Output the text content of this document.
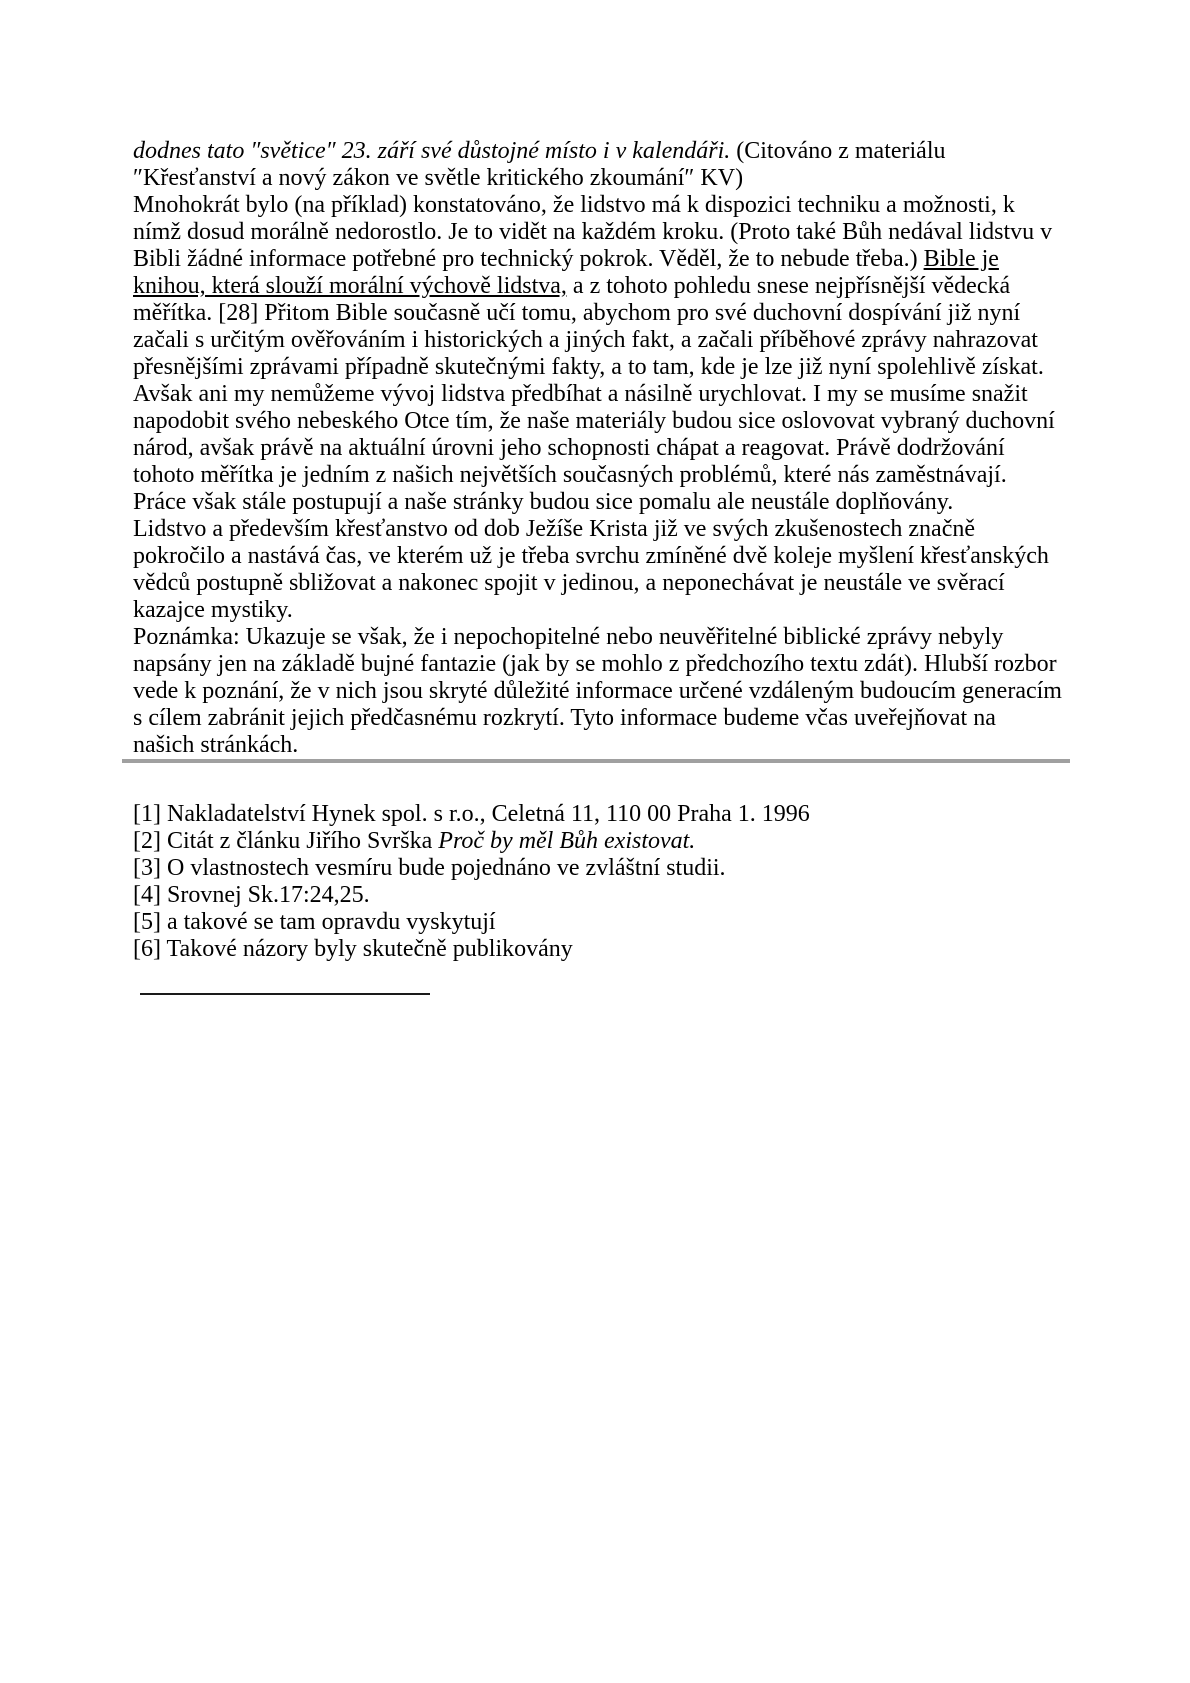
dodnes tato ″světice″ 23. září své důstojné místo i v kalendáři. (Citováno z materiálu ″Křesťanství a nový zákon ve světle kritického zkoumání″ KV)

Mnohokrát bylo (na příklad) konstatováno, že lidstvo má k dispozici techniku a možnosti, k nímž dosud morálně nedorostlo. Je to vidět na každém kroku. (Proto také Bůh nedával lidstvu v Bibli žádné informace potřebné pro technický pokrok. Věděl, že to nebude třeba.) Bible je knihou, která slouží morální výchově lidstva, a z tohoto pohledu snese nejpřísnější vědecká měřítka. [28] Přitom Bible současně učí tomu, abychom pro své duchovní dospívání již nyní začali s určitým ověřováním i historických a jiných fakt, a začali příběhové zprávy nahrazovat přesnějšími zprávami případně skutečnými fakty, a to tam, kde je lze již nyní spolehlivě získat. Avšak ani my nemůžeme vývoj lidstva předbíhat a násilně urychlovat. I my se musíme snažit napodobit svého nebeského Otce tím, že naše materiály budou sice oslovovat vybraný duchovní národ, avšak právě na aktuální úrovni jeho schopnosti chápat a reagovat. Právě dodržování tohoto měřítka je jedním z našich největších současných problémů, které nás zaměstnávají. Práce však stále postupují a naše stránky budou sice pomalu ale neustále doplňovány.

Lidstvo a především křesťanstvo od dob Ježíše Krista již ve svých zkušenostech značně pokročilo a nastává čas, ve kterém už je třeba svrchu zmíněné dvě koleje myšlení křesťanských vědců postupně sbližovat a nakonec spojit v jedinou, a neponechávat je neustále ve svěrací kazajce mystiky.

Poznámka: Ukazuje se však, že i nepochopitelné nebo neuvěřitelné biblické zprávy nebyly napsány jen na základě bujné fantazie (jak by se mohlo z předchozího textu zdát). Hlubší rozbor vede k poznání, že v nich jsou skryté důležité informace určené vzdáleným budoucím generacím s cílem zabránit jejich předčasnému rozkrytí. Tyto informace budeme včas uveřejňovat na našich stránkách.

[1] Nakladatelství Hynek spol. s r.o., Celetná 11, 110 00 Praha 1. 1996

[2] Citát z článku Jiřího Svrška Proč by měl Bůh existovat.

[3] O vlastnostech vesmíru bude pojednáno ve zvláštní studii.

[4] Srovnej Sk.17:24,25.

[5] a takové se tam opravdu vyskytují

[6] Takové názory byly skutečně publikovány
